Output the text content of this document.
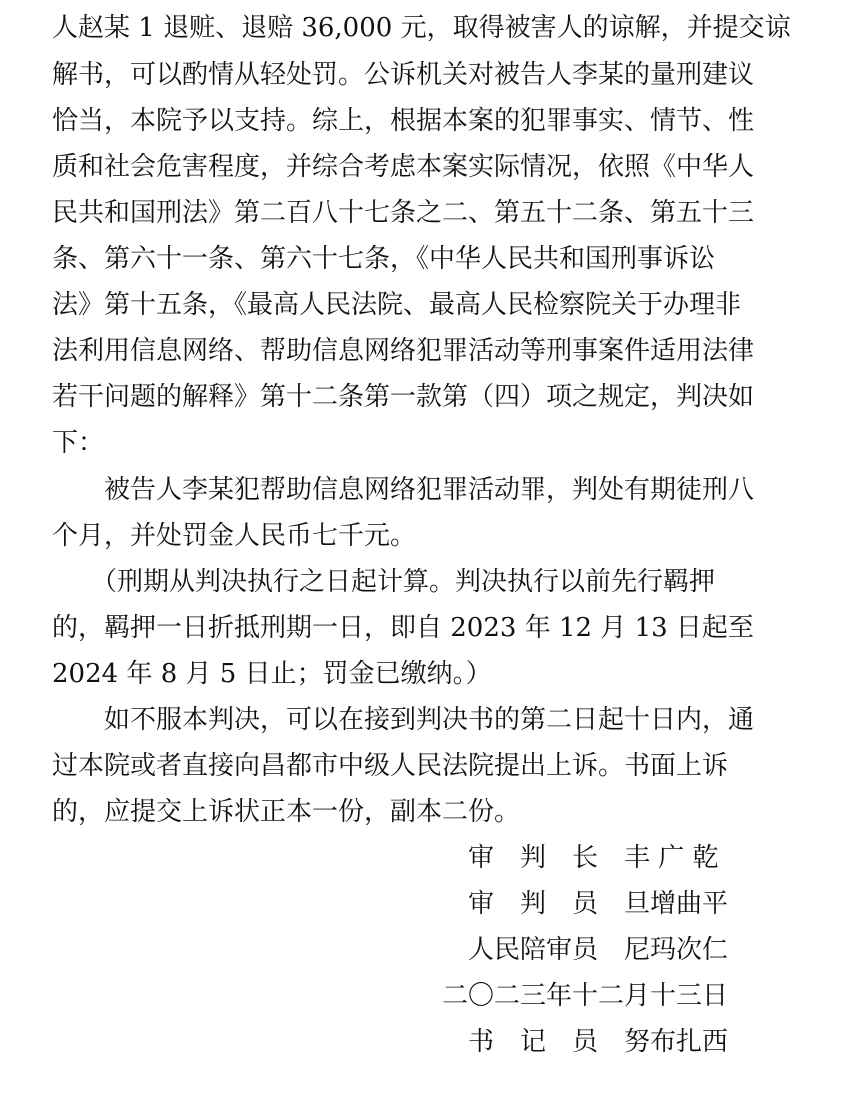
人赵某 1 退赃、退赔 36,000 元，取得被害人的谅解，并提交谅
解书，可以酌情从轻处罚。公诉机关对被告人李某的量刑建议
恰当，本院予以支持。综上，根据本案的犯罪事实、情节、性
质和社会危害程度，并综合考虑本案实际情况，依照《中华人
民共和国刑法》第二百八十七条之二、第五十二条、第五十三
条、第六十一条、第六十七条，《中华人民共和国刑事诉讼
法》第十五条，《最高人民法院、最高人民检察院关于办理非
法利用信息网络、帮助信息网络犯罪活动等刑事案件适用法律
若干问题的解释》第十二条第一款第（四）项之规定，判决如
下：
　　被告人李某犯帮助信息网络犯罪活动罪，判处有期徒刑八
个月，并处罚金人民币七千元。
　　（刑期从判决执行之日起计算。判决执行以前先行羁押
的，羁押一日折抵刑期一日，即自 2023 年 12 月 13 日起至
2024 年 8 月 5 日止；罚金已缴纳。）
　　如不服本判决，可以在接到判决书的第二日起十日内，通
过本院或者直接向昌都市中级人民法院提出上诉。书面上诉
的，应提交上诉状正本一份，副本二份。
审　判　长　丰 广 乾
审　判　员　旦增曲平
人民陪审员　尼玛次仁
二〇二三年十二月十三日
书　记　员　努布扎西
